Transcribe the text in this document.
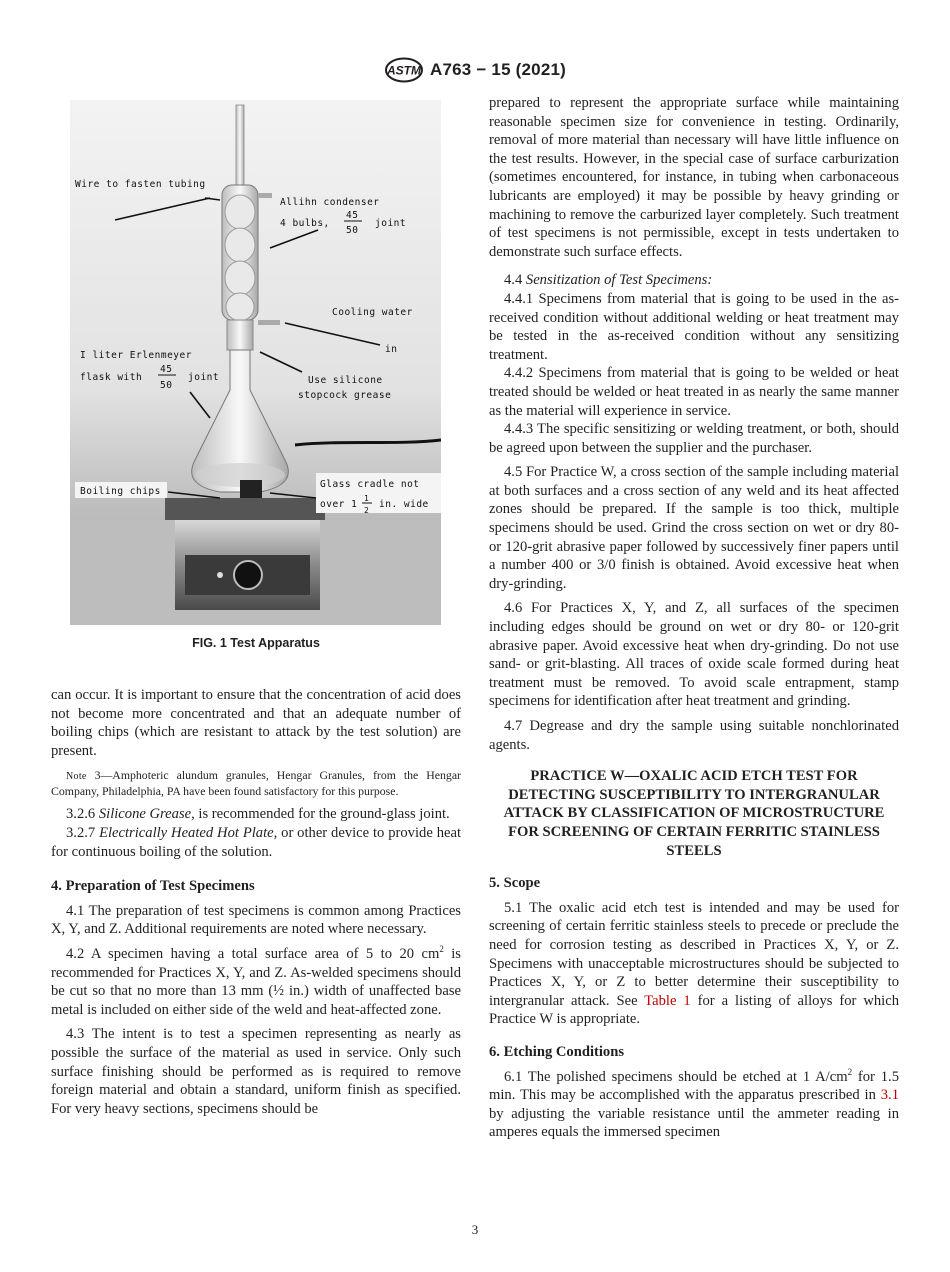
ASTM A763 − 15 (2021)
Wire to fasten tubing
Allihn condenser
4 bulbs,
45
50
joint
Cooling water
in
I liter Erlenmeyer
flask with
45
50
joint	Use silicone
stopcock grease
Boiling chips
Glass cradle not
over 1
1
2
in. wide
FIG. 1 Test Apparatus

can occur. It is important to ensure that the concentration of acid does not become more concentrated and that an adequate number of boiling chips (which are resistant to attack by the test solution) are present.

Note 3—Amphoteric alundum granules, Hengar Granules, from the Hengar Company, Philadelphia, PA have been found satisfactory for this purpose.

3.2.6 Silicone Grease, is recommended for the ground-glass joint.

3.2.7 Electrically Heated Hot Plate, or other device to provide heat for continuous boiling of the solution.

4. Preparation of Test Specimens

4.1 The preparation of test specimens is common among Practices X, Y, and Z. Additional requirements are noted where necessary.

4.2 A specimen having a total surface area of 5 to 20 $cm^2$ is recommended for Practices X, Y, and Z. As-welded specimens should be cut so that no more than 13 mm (½ in.) width of unaffected base metal is included on either side of the weld and heat-affected zone.

4.3 The intent is to test a specimen representing as nearly as possible the surface of the material as used in service. Only such surface finishing should be performed as is required to remove foreign material and obtain a standard, uniform finish as specified. For very heavy sections, specimens should be

prepared to represent the appropriate surface while maintaining reasonable specimen size for convenience in testing. Ordinarily, removal of more material than necessary will have little influence on the test results. However, in the special case of surface carburization (sometimes encountered, for instance, in tubing when carbonaceous lubricants are employed) it may be possible by heavy grinding or machining to remove the carburized layer completely. Such treatment of test specimens is not permissible, except in tests undertaken to demonstrate such surface effects.

4.4 Sensitization of Test Specimens:

4.4.1 Specimens from material that is going to be used in the as-received condition without additional welding or heat treatment may be tested in the as-received condition without any sensitizing treatment.

4.4.2 Specimens from material that is going to be welded or heat treated should be welded or heat treated in as nearly the same manner as the material will experience in service.

4.4.3 The specific sensitizing or welding treatment, or both, should be agreed upon between the supplier and the purchaser.

4.5 For Practice W, a cross section of the sample including material at both surfaces and a cross section of any weld and its heat affected zones should be prepared. If the sample is too thick, multiple specimens should be used. Grind the cross section on wet or dry 80- or 120-grit abrasive paper followed by successively finer papers until a number 400 or 3/0 finish is obtained. Avoid excessive heat when dry-grinding.

4.6 For Practices X, Y, and Z, all surfaces of the specimen including edges should be ground on wet or dry 80- or 120-grit abrasive paper. Avoid excessive heat when dry-grinding. Do not use sand- or grit-blasting. All traces of oxide scale formed during heat treatment must be removed. To avoid scale entrapment, stamp specimens for identification after heat treatment and grinding.

4.7 Degrease and dry the sample using suitable nonchlorinated agents.

PRACTICE W—OXALIC ACID ETCH TEST FOR DETECTING SUSCEPTIBILITY TO INTERGRANULAR ATTACK BY CLASSIFICATION OF MICROSTRUCTURE FOR SCREENING OF CERTAIN FERRITIC STAINLESS STEELS
5. Scope

5.1 The oxalic acid etch test is intended and may be used for screening of certain ferritic stainless steels to precede or preclude the need for corrosion testing as described in Practices X, Y, or Z. Specimens with unacceptable microstructures should be subjected to Practices X, Y, or Z to better determine their susceptibility to intergranular attack. See Table 1 for a listing of alloys for which Practice W is appropriate.

6. Etching Conditions

6.1 The polished specimens should be etched at 1 $A/cm^2$ for 1.5 min. This may be accomplished with the apparatus prescribed in 3.1 by adjusting the variable resistance until the ammeter reading in amperes equals the immersed specimen

3
